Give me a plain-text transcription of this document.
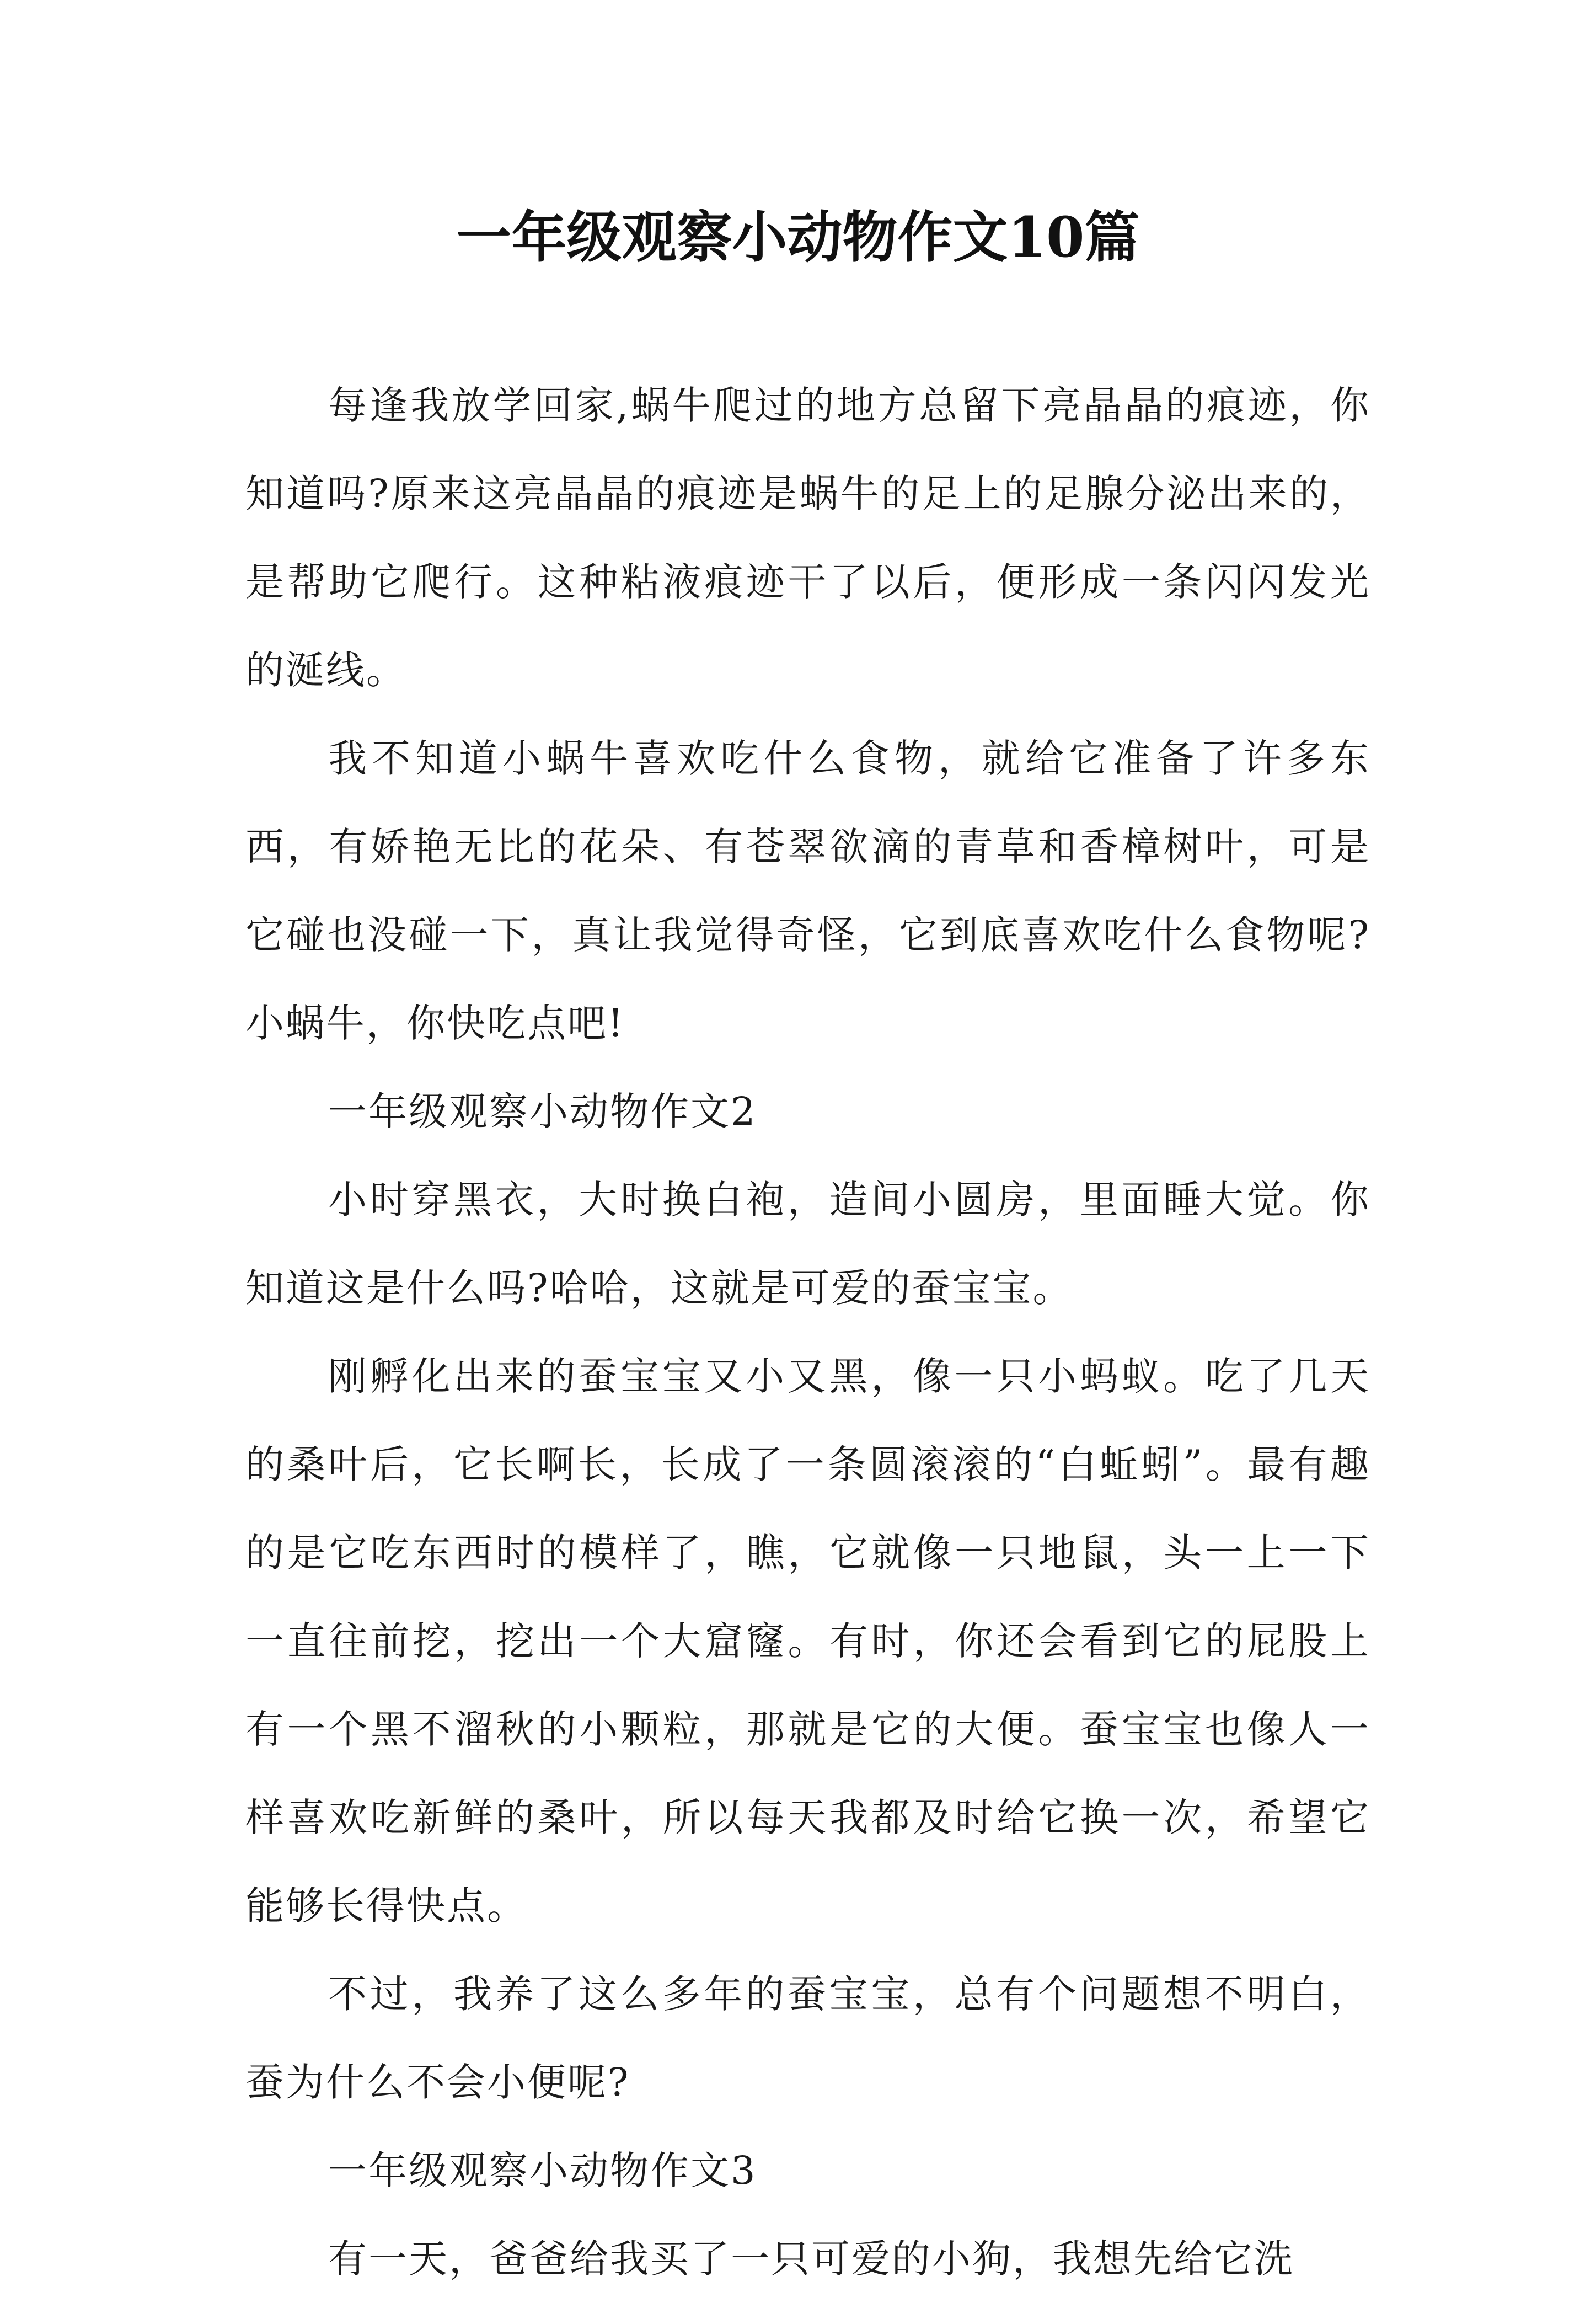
一年级观察小动物作文10篇

每逢我放学回家,蜗牛爬过的地方总留下亮晶晶的痕迹，你知道吗?原来这亮晶晶的痕迹是蜗牛的足上的足腺分泌出来的，是帮助它爬行。这种粘液痕迹干了以后，便形成一条闪闪发光的涎线。

我不知道小蜗牛喜欢吃什么食物，就给它准备了许多东西，有娇艳无比的花朵、有苍翠欲滴的青草和香樟树叶，可是它碰也没碰一下，真让我觉得奇怪，它到底喜欢吃什么食物呢?小蜗牛，你快吃点吧!

一年级观察小动物作文2

小时穿黑衣，大时换白袍，造间小圆房，里面睡大觉。你知道这是什么吗?哈哈，这就是可爱的蚕宝宝。

刚孵化出来的蚕宝宝又小又黑，像一只小蚂蚁。吃了几天的桑叶后，它长啊长，长成了一条圆滚滚的“白蚯蚓”。最有趣的是它吃东西时的模样了，瞧，它就像一只地鼠，头一上一下一直往前挖，挖出一个大窟窿。有时，你还会看到它的屁股上有一个黑不溜秋的小颗粒，那就是它的大便。蚕宝宝也像人一样喜欢吃新鲜的桑叶，所以每天我都及时给它换一次，希望它能够长得快点。

不过，我养了这么多年的蚕宝宝，总有个问题想不明白，蚕为什么不会小便呢?

一年级观察小动物作文3

有一天，爸爸给我买了一只可爱的小狗，我想先给它洗
